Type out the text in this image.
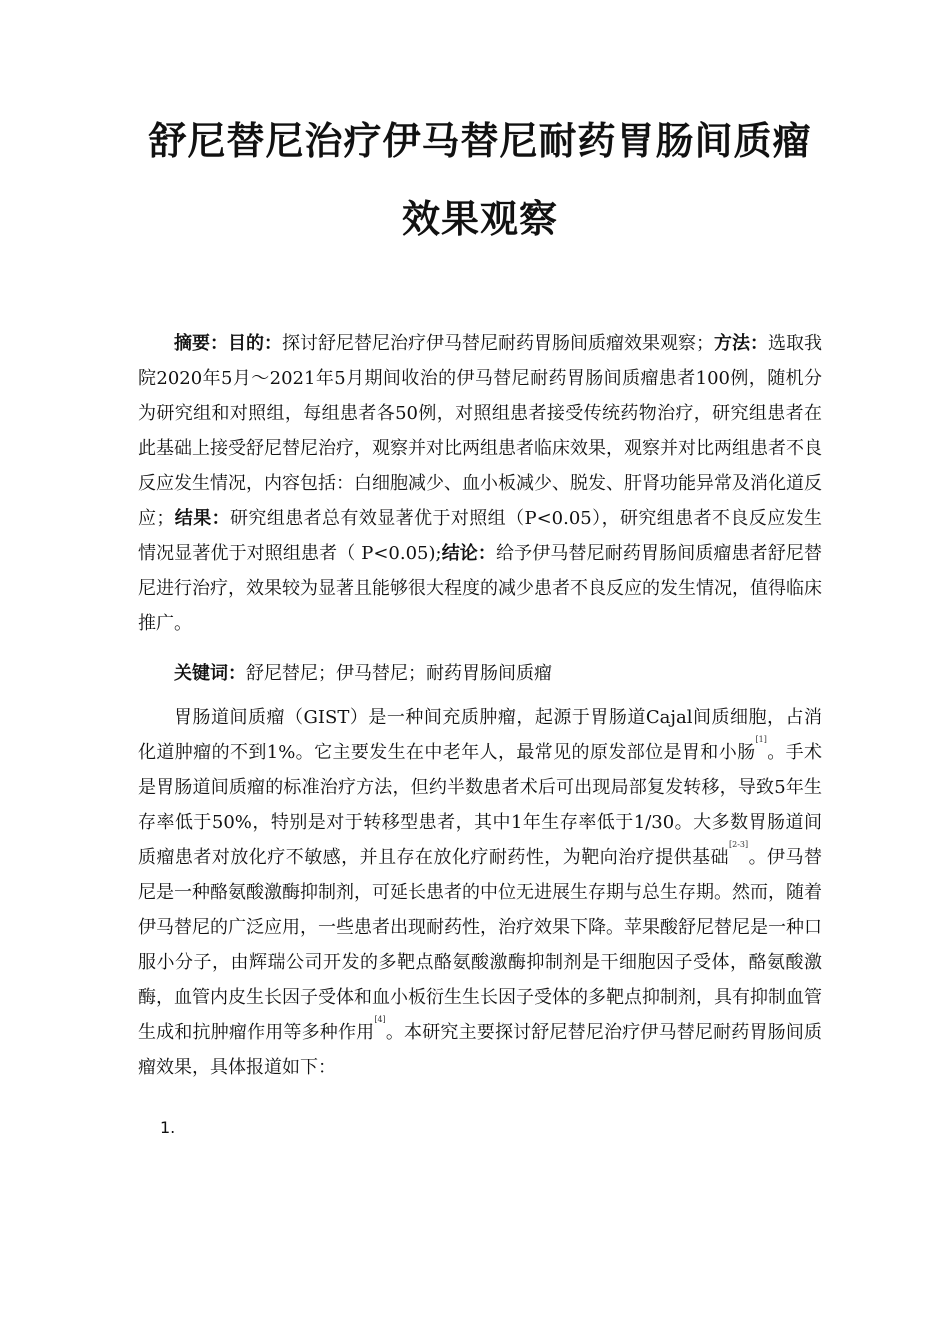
舒尼替尼治疗伊马替尼耐药胃肠间质瘤
效果观察

摘要：目的：探讨舒尼替尼治疗伊马替尼耐药胃肠间质瘤效果观察；方法：选取我院2020年5月～2021年5月期间收治的伊马替尼耐药胃肠间质瘤患者100例，随机分为研究组和对照组，每组患者各50例，对照组患者接受传统药物治疗，研究组患者在此基础上接受舒尼替尼治疗，观察并对比两组患者临床效果，观察并对比两组患者不良反应发生情况，内容包括：白细胞减少、血小板减少、脱发、肝肾功能异常及消化道反应；结果：研究组患者总有效显著优于对照组（P<0.05），研究组患者不良反应发生情况显著优于对照组患者（ P<0.05);结论：给予伊马替尼耐药胃肠间质瘤患者舒尼替尼进行治疗，效果较为显著且能够很大程度的减少患者不良反应的发生情况，值得临床推广。

关键词：舒尼替尼；伊马替尼；耐药胃肠间质瘤

胃肠道间质瘤（GIST）是一种间充质肿瘤，起源于胃肠道Cajal间质细胞，占消化道肿瘤的不到1%。它主要发生在中老年人，最常见的原发部位是胃和小肠[1]。手术是胃肠道间质瘤的标准治疗方法，但约半数患者术后可出现局部复发转移，导致5年生存率低于50%，特别是对于转移型患者，其中1年生存率低于1/30。大多数胃肠道间质瘤患者对放化疗不敏感，并且存在放化疗耐药性，为靶向治疗提供基础[2-3]。伊马替尼是一种酪氨酸激酶抑制剂，可延长患者的中位无进展生存期与总生存期。然而，随着伊马替尼的广泛应用，一些患者出现耐药性，治疗效果下降。苹果酸舒尼替尼是一种口服小分子，由辉瑞公司开发的多靶点酪氨酸激酶抑制剂是干细胞因子受体，酪氨酸激酶，血管内皮生长因子受体和血小板衍生生长因子受体的多靶点抑制剂，具有抑制血管生成和抗肿瘤作用等多种作用[4]。本研究主要探讨舒尼替尼治疗伊马替尼耐药胃肠间质瘤效果，具体报道如下：

1.
